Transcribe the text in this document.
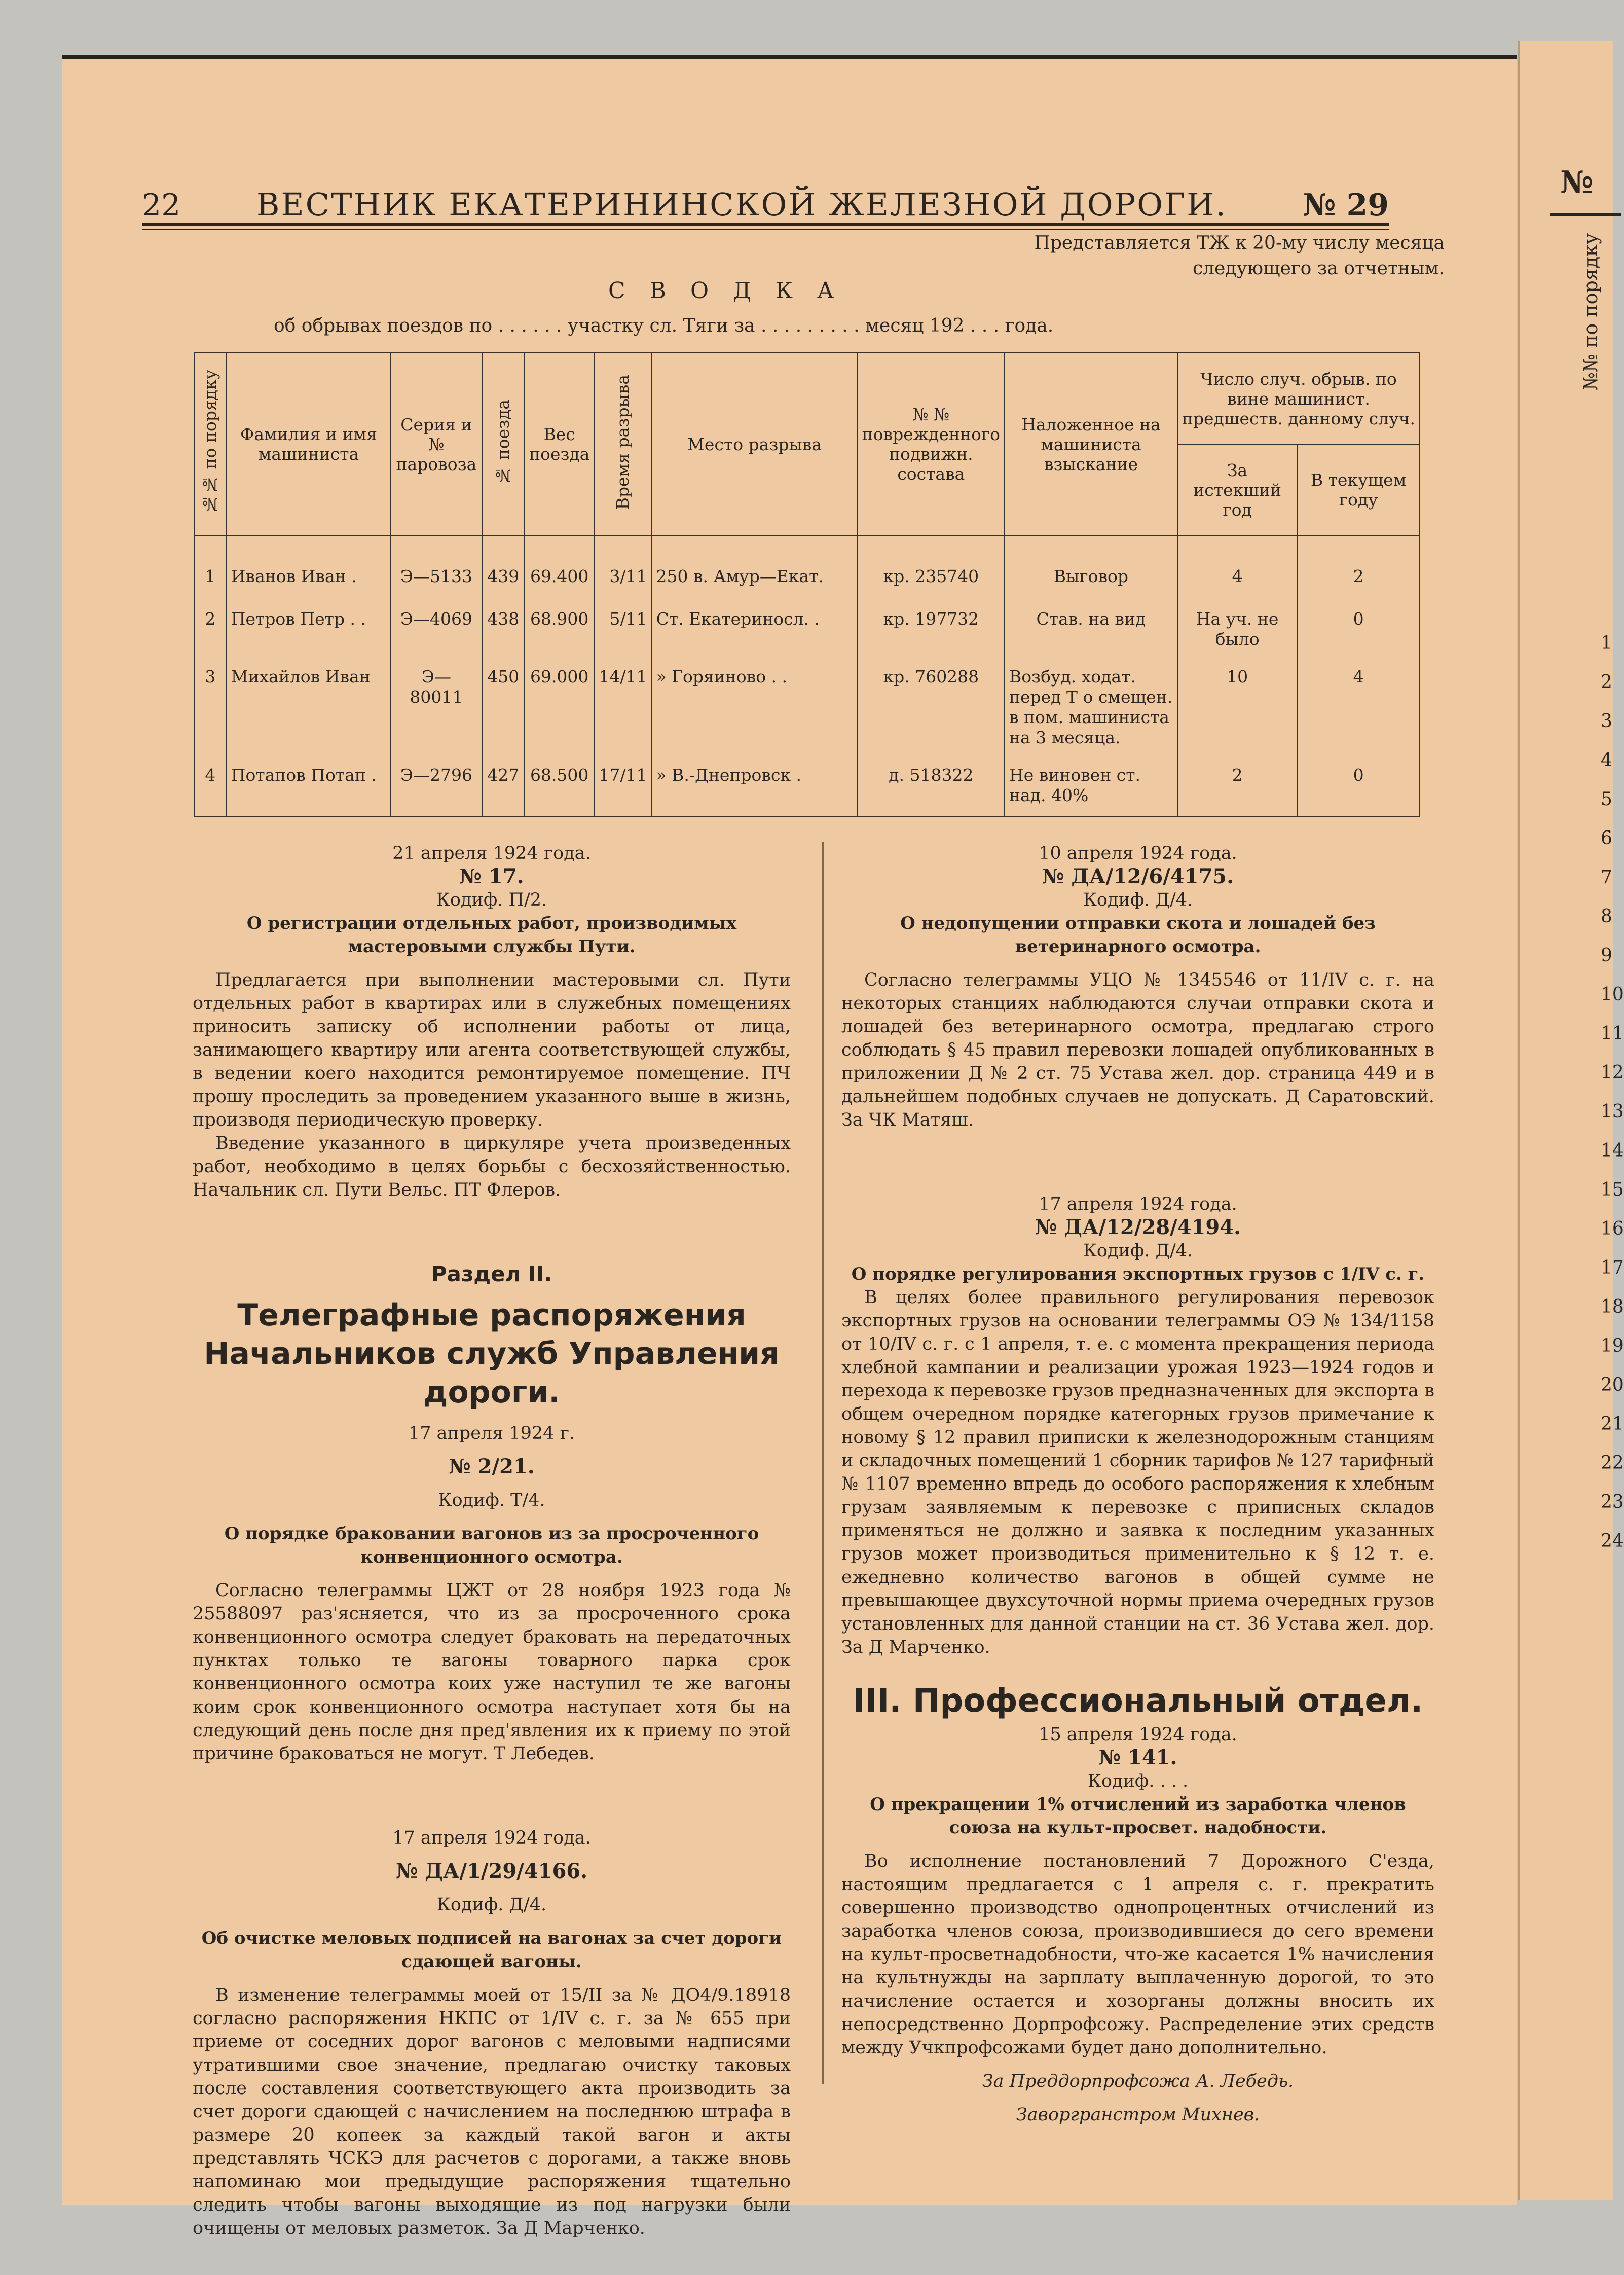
№
№№ по порядку
1
2
3
4
5
6
7
8
9
10
11
12
13
14
15
16
17
18
19
20
21
22
23
24
22 ВЕСТНИК ЕКАТЕРИНИНСКОЙ ЖЕЛЕЗНОЙ ДОРОГИ. № 29
Представляется ТЖ к 20-му числу месяца следующего за отчетным.
СВОДКА
об обрывах поездов по . . . . . . участку сл. Тяги за . . . . . . . . . месяц 192 . . . года.
№№ по порядку	Фамилия и имя машиниста	Серия и № паровоза	№ поезда	Вес поезда	Время разрыва	Место разрыва	№ № поврежденного подвижн. состава	Наложенное на машиниста взыскание	Число случ. обрыв. по вине машинист. предшеств. данному случ.	
									За истекший год	В текущем году
1	Иванов Иван .	Э—5133	439	69.400	3/11	250 в. Амур—Екат.	кр. 235740	Выговор	4	2
2	Петров Петр . .	Э—4069	438	68.900	5/11	Ст. Екатериносл. .	кр. 197732	Став. на вид	На уч. не было	0
3	Михайлов Иван	Э—80011	450	69.000	14/11	» Горяиново . .	кр. 760288	Возбуд. ходат. перед Т о смещен. в пом. машиниста на 3 месяца.	10	4
4	Потапов Потап .	Э—2796	427	68.500	17/11	» В.-Днепровск .	д. 518322	Не виновен ст. над. 40%	2	0
21 апреля 1924 года.
№ 17.
Кодиф. П/2.
О регистрации отдельных работ, производимых мастеровыми службы Пути.

Предлагается при выполнении мастеровыми сл. Пути отдельных работ в квартирах или в служебных помещениях приносить записку об исполнении работы от лица, занимающего квартиру или агента соответствующей службы, в ведении коего находится ремонтируемое помещение. ПЧ прошу проследить за проведением указанного выше в жизнь, производя периодическую проверку.

Введение указанного в циркуляре учета произведенных работ, необходимо в целях борьбы с бесхозяйственностью. Начальник сл. Пути Вельс. ПТ Флеров.

Раздел II.
Телеграфные распоряжения Начальников служб Управления дороги.
17 апреля 1924 г.
№ 2/21.
Кодиф. Т/4.
О порядке браковании вагонов из за просроченного конвенционного осмотра.

Согласно телеграммы ЦЖТ от 28 ноября 1923 года № 25588097 раз'ясняется, что из за просроченного срока конвенционного осмотра следует браковать на передаточных пунктах только те вагоны товарного парка срок конвенционного осмотра коих уже наступил те же вагоны коим срок конвенционного осмотра наступает хотя бы на следующий день после дня пред'явления их к приему по этой причине браковаться не могут. Т Лебедев.

17 апреля 1924 года.
№ ДА/1/29/4166.
Кодиф. Д/4.
Об очистке меловых подписей на вагонах за счет дороги сдающей вагоны.

В изменение телеграммы моей от 15/II за № ДО4/9.18918 согласно распоряжения НКПС от 1/IV с. г. за № 655 при приеме от соседних дорог вагонов с меловыми надписями утратившими свое значение, предлагаю очистку таковых после составления соответствующего акта производить за счет дороги сдающей с начислением на последнюю штрафа в размере 20 копеек за каждый такой вагон и акты представлять ЧСКЭ для расчетов с дорогами, а также вновь напоминаю мои предыдущие распоряжения тщательно следить чтобы вагоны выходящие из под нагрузки были очищены от меловых разметок. За Д Марченко.

10 апреля 1924 года.
№ ДА/12/6/4175.
Кодиф. Д/4.
О недопущении отправки скота и лошадей без ветеринарного осмотра.

Согласно телеграммы УЦО № 1345546 от 11/IV с. г. на некоторых станциях наблюдаются случаи отправки скота и лошадей без ветеринарного осмотра, предлагаю строго соблюдать § 45 правил перевозки лошадей опубликованных в приложении Д № 2 ст. 75 Устава жел. дор. страница 449 и в дальнейшем подобных случаев не допускать. Д Саратовский. За ЧК Матяш.

17 апреля 1924 года.
№ ДА/12/28/4194.
Кодиф. Д/4.
О порядке регулирования экспортных грузов с 1/IV с. г.

В целях более правильного регулирования перевозок экспортных грузов на основании телеграммы ОЭ № 134/1158 от 10/IV с. г. с 1 апреля, т. е. с момента прекращения периода хлебной кампании и реализации урожая 1923—1924 годов и перехода к перевозке грузов предназначенных для экспорта в общем очередном порядке категорных грузов примечание к новому § 12 правил приписки к железнодорожным станциям и складочных помещений 1 сборник тарифов № 127 тарифный № 1107 временно впредь до особого распоряжения к хлебным грузам заявляемым к перевозке с приписных складов применяться не должно и заявка к последним указанных грузов может производиться применительно к § 12 т. е. ежедневно количество вагонов в общей сумме не превышающее двухсуточной нормы приема очередных грузов установленных для данной станции на ст. 36 Устава жел. дор. За Д Марченко.

III. Профессиональный отдел.
15 апреля 1924 года.
№ 141.
Кодиф. . . .
О прекращении 1% отчислений из заработка членов союза на культ-просвет. надобности.

Во исполнение постановлений 7 Дорожного С'езда, настоящим предлагается с 1 апреля с. г. прекратить совершенно производство однопроцентных отчислений из заработка членов союза, производившиеся до сего времени на культ-просветнадобности, что-же касается 1% начисления на культнужды на зарплату выплаченную дорогой, то это начисление остается и хозорганы должны вносить их непосредственно Дорпрофсожу. Распределение этих средств между Учкпрофсожами будет дано дополнительно.

За Преддорпрофсожа А. Лебедь.
Заворгранстром Михнев.
